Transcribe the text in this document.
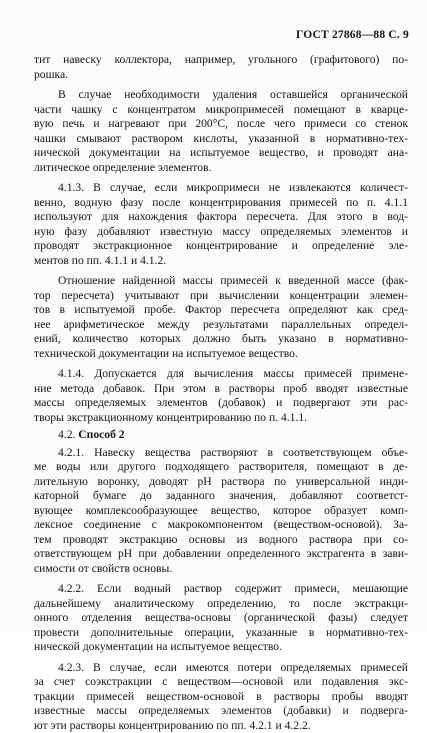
ГОСТ 27868—88 С. 9
тит навеску коллектора, например, угольного (графитового) по-
рошка.
В случае необходимости удаления оставшейся органической
части чашку с концентратом микропримесей помещают в кварце-
вую печь и нагревают при 200°С, после чего примеси со стенок
чашки смывают раствором кислоты, указанной в нормативно-тех-
нической документации на испытуемое вещество, и проводят ана-
литическое определение элементов.
4.1.3. В случае, если микропримеси не извлекаются количест-
венно, водную фазу после концентрирования примесей по п. 4.1.1
используют для нахождения фактора пересчета. Для этого в вод-
ную фазу добавляют известную массу определяемых элементов и
проводят экстракционное концентрирование и определение эле-
ментов по пп. 4.1.1 и 4.1.2.
Отношение найденной массы примесей к введенной массе (фак-
тор пересчета) учитывают при вычислении концентрации элемен-
тов в испытуемой пробе. Фактор пересчета определяют как сред-
нее арифметическое между результатами параллельных определ-
ений, количество которых должно быть указано в нормативно-
технической документации на испытуемое вещество.
4.1.4. Допускается для вычисления массы примесей примене-
ние метода добавок. При этом в растворы проб вводят известные
массы определяемых элементов (добавок) и подвергают эти рас-
творы экстракционному концентрированию по п. 4.1.1.
4.2. Способ 2
4.2.1. Навеску вещества растворяют в соответствующем объе-
ме воды или другого подходящего растворителя, помещают в де-
лительную воронку, доводят рН раствора по универсальной инди-
каторной бумаге до заданного значения, добавляют соответст-
вующее комплексообразующее вещество, которое образует комп-
лексное соединение с макрокомпонентом (веществом-основой). За-
тем проводят экстракцию основы из водного раствора при со-
ответствующем рН при добавлении определенного экстрагента в зави-
симости от свойств основы.
4.2.2. Если водный раствор содержит примеси, мешающие
дальнейшему аналитическому определению, то после экстракци-
онного отделения вещества-основы (органической фазы) следует
провести дополнительные операции, указанные в нормативно-тех-
нической документации на испытуемое вещество.
4.2.3. В случае, если имеются потери определяемых примесей
за счет соэкстракции с веществом—основой или подавления экс-
тракции примесей веществом-основой в растворы пробы вводят
известные массы определяемых элементов (добавки) и подверга-
ют эти растворы концентрированию по пп. 4.2.1 и 4.2.2.
